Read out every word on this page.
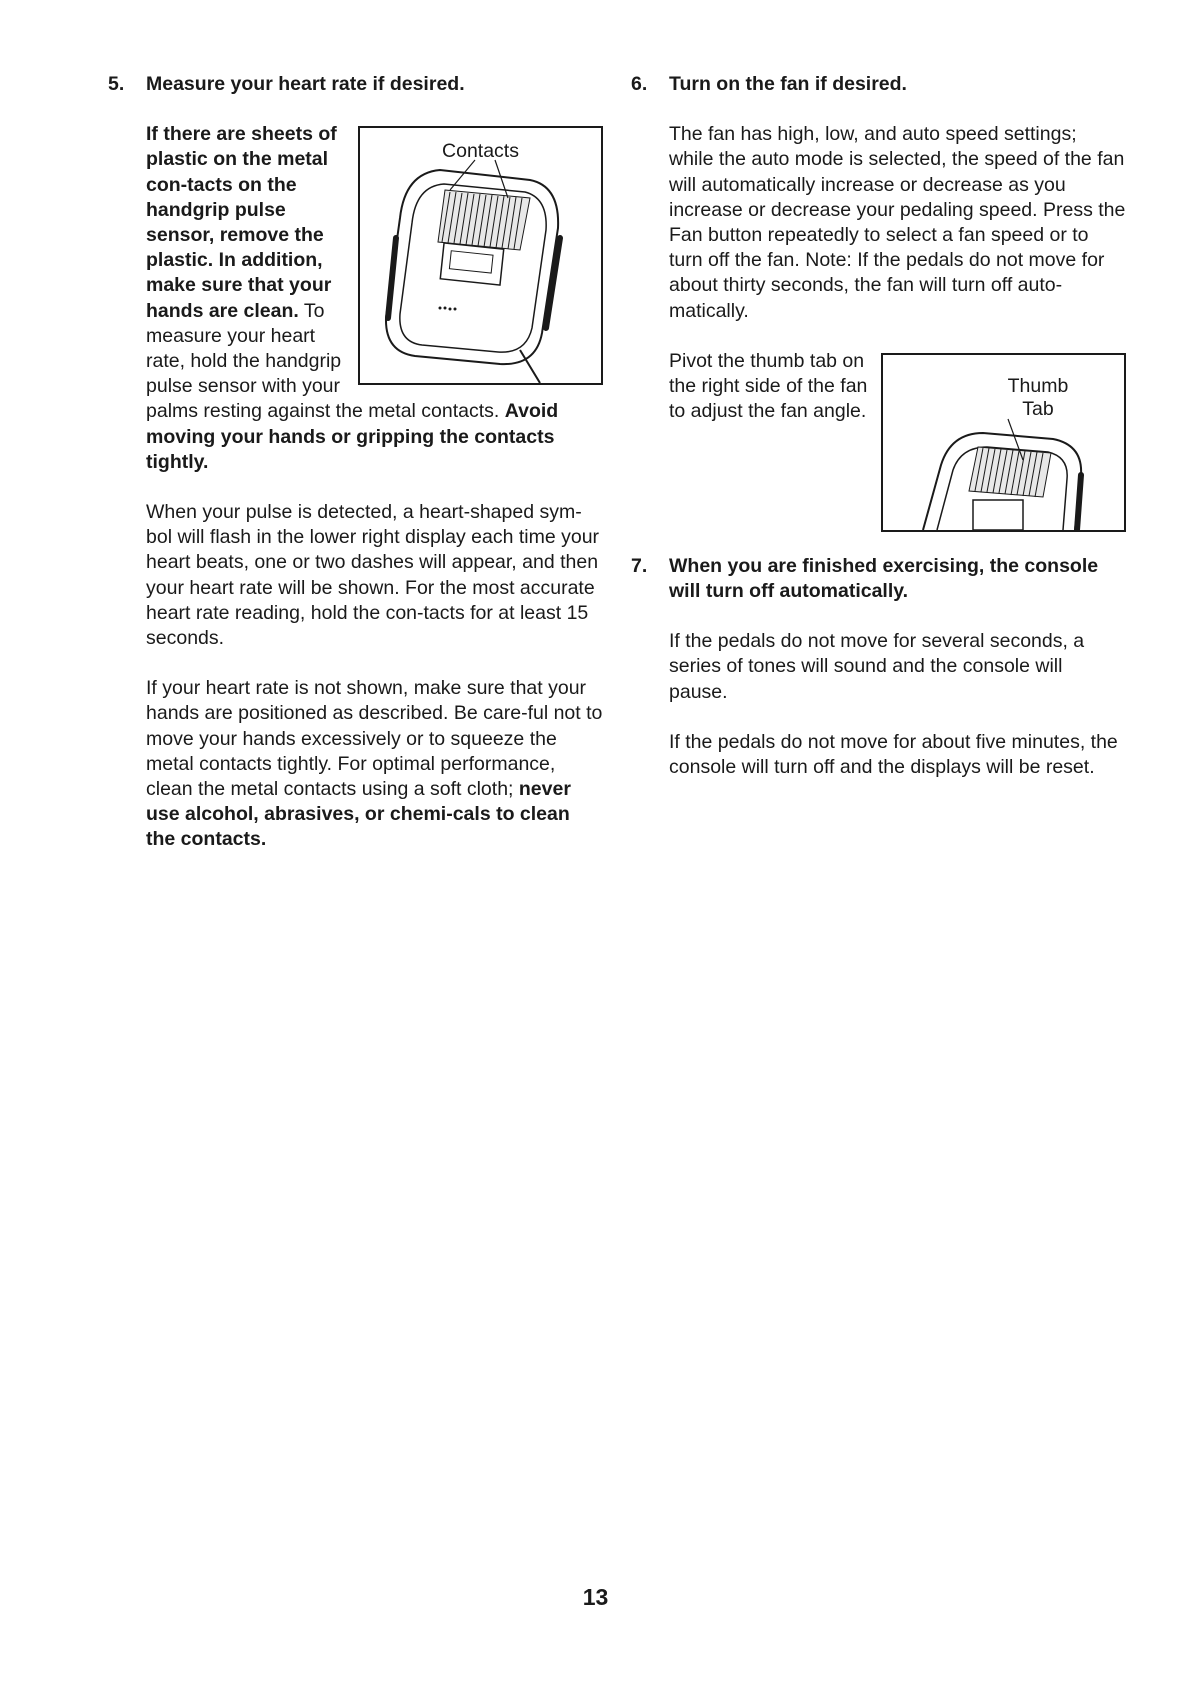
5. Measure your heart rate if desired.
Contacts

If there are sheets of plastic on the metal con-tacts on the handgrip pulse sensor, remove the plastic. In addition, make sure that your hands are clean. To measure your heart rate, hold the handgrip pulse sensor with your palms resting against the metal contacts. Avoid moving your hands or gripping the contacts tightly.

When your pulse is detected, a heart-shaped sym-bol will flash in the lower right display each time your heart beats, one or two dashes will appear, and then your heart rate will be shown. For the most accurate heart rate reading, hold the con-tacts for at least 15 seconds.

If your heart rate is not shown, make sure that your hands are positioned as described. Be care-ful not to move your hands excessively or to squeeze the metal contacts tightly. For optimal performance, clean the metal contacts using a soft cloth; never use alcohol, abrasives, or chemi-cals to clean the contacts.

6. Turn on the fan if desired.

The fan has high, low, and auto speed settings; while the auto mode is selected, the speed of the fan will automatically increase or decrease as you increase or decrease your pedaling speed. Press the Fan button repeatedly to select a fan speed or to turn off the fan. Note: If the pedals do not move for about thirty seconds, the fan will turn off auto-matically.

Thumb
Tab

Pivot the thumb tab on the right side of the fan to adjust the fan angle.

7. When you are finished exercising, the console will turn off automatically.

If the pedals do not move for several seconds, a series of tones will sound and the console will pause.

If the pedals do not move for about five minutes, the console will turn off and the displays will be reset.

13
